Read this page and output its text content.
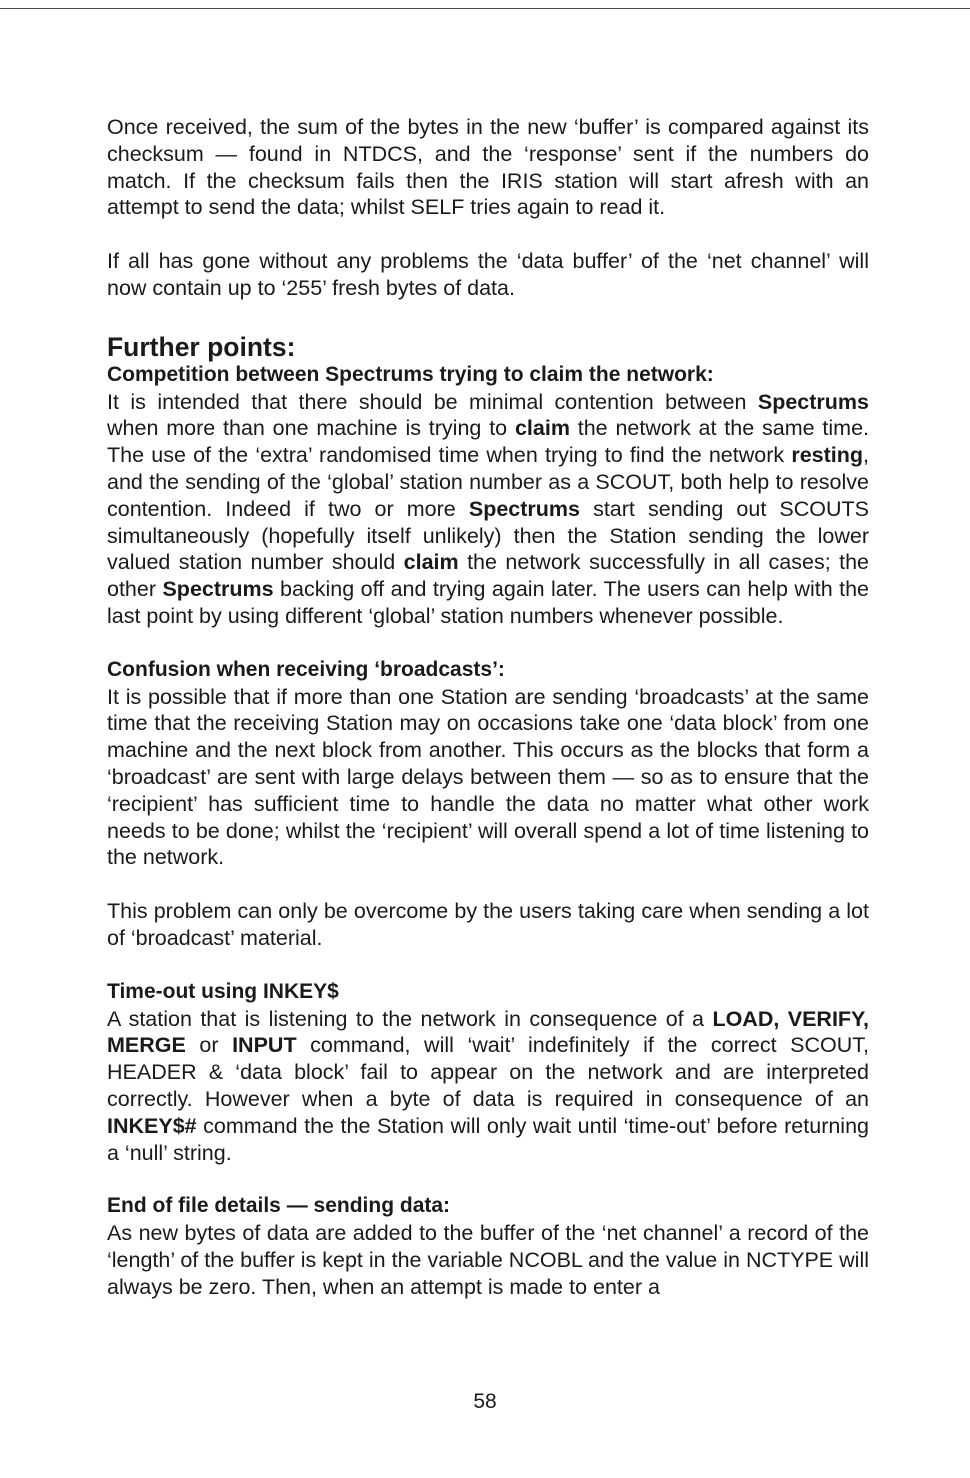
Once received, the sum of the bytes in the new ‘buffer’ is compared against its checksum — found in NTDCS, and the ‘response’ sent if the numbers do match. If the checksum fails then the IRIS station will start afresh with an attempt to send the data; whilst SELF tries again to read it.

If all has gone without any problems the ‘data buffer’ of the ‘net channel’ will now contain up to ‘255’ fresh bytes of data.

Further points:
Competition between Spectrums trying to claim the network:

It is intended that there should be minimal contention between Spectrums when more than one machine is trying to claim the network at the same time. The use of the ‘extra’ randomised time when trying to find the network resting, and the sending of the ‘global’ station number as a SCOUT, both help to resolve contention. Indeed if two or more Spectrums start sending out SCOUTS simultaneously (hopefully itself unlikely) then the Station sending the lower valued station number should claim the network successfully in all cases; the other Spectrums backing off and trying again later. The users can help with the last point by using different ‘global’ station numbers whenever possible.

Confusion when receiving ‘broadcasts’:

It is possible that if more than one Station are sending ‘broadcasts’ at the same time that the receiving Station may on occasions take one ‘data block’ from one machine and the next block from another. This occurs as the blocks that form a ‘broadcast’ are sent with large delays between them — so as to ensure that the ‘recipient’ has sufficient time to handle the data no matter what other work needs to be done; whilst the ‘recipient’ will overall spend a lot of time listening to the network.

This problem can only be overcome by the users taking care when sending a lot of ‘broadcast’ material.

Time-out using INKEY$

A station that is listening to the network in consequence of a LOAD, VERIFY, MERGE or INPUT command, will ‘wait’ indefinitely if the correct SCOUT, HEADER & ‘data block’ fail to appear on the network and are interpreted correctly. However when a byte of data is required in consequence of an INKEY$# command the the Station will only wait until ‘time-out’ before returning a ‘null’ string.

End of file details — sending data:

As new bytes of data are added to the buffer of the ‘net channel’ a record of the ‘length’ of the buffer is kept in the variable NCOBL and the value in NCTYPE will always be zero. Then, when an attempt is made to enter a

58
